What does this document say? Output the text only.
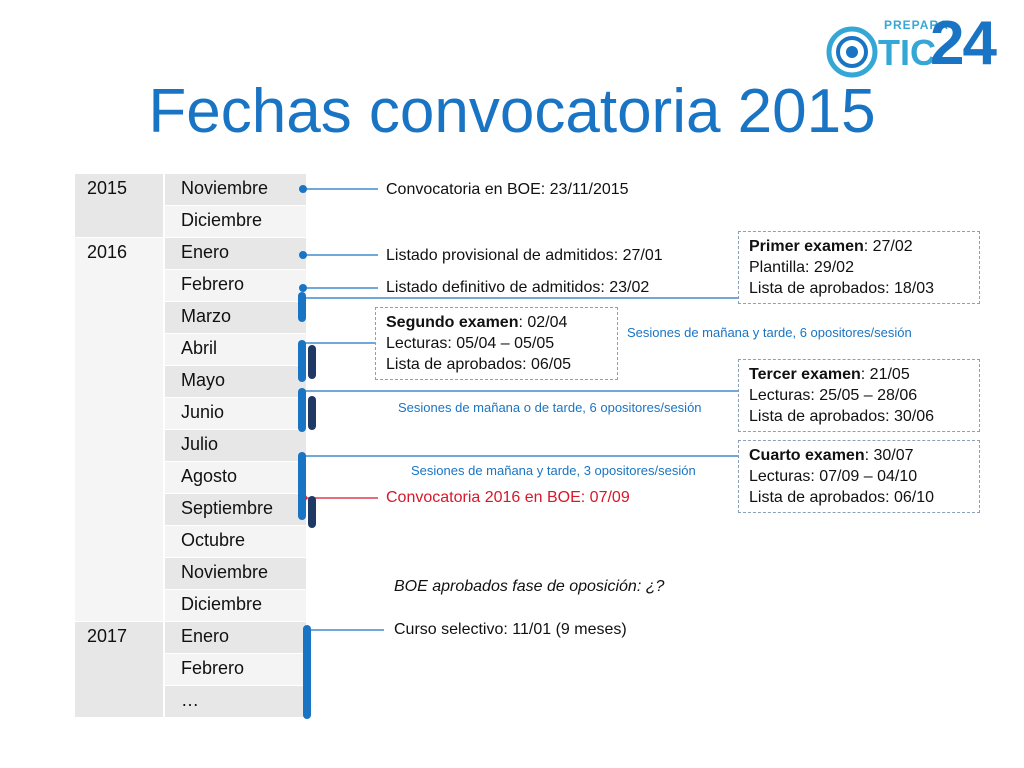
Fechas convocatoria 2015
PREPARA
TIC
24
2015
2016
2017
Noviembre
Diciembre
Enero
Febrero
Marzo
Abril
Mayo
Junio
Julio
Agosto
Septiembre
Octubre
Noviembre
Diciembre
Enero
Febrero
…
Convocatoria en BOE: 23/11/2015
Listado provisional de admitidos: 27/01
Listado definitivo de admitidos: 23/02
Convocatoria 2016 en BOE: 07/09
BOE aprobados fase de oposición: ¿?
Curso selectivo: 11/01 (9 meses)
Sesiones de mañana y tarde, 6 opositores/sesión
Sesiones de mañana o de tarde, 6 opositores/sesión
Sesiones de mañana y tarde, 3 opositores/sesión
Primer examen: 27/02
Plantilla: 29/02
Lista de aprobados: 18/03
Segundo examen: 02/04
Lecturas: 05/04 – 05/05
Lista de aprobados: 06/05
Tercer examen: 21/05
Lecturas: 25/05 – 28/06
Lista de aprobados: 30/06
Cuarto examen: 30/07
Lecturas: 07/09 – 04/10
Lista de aprobados: 06/10
